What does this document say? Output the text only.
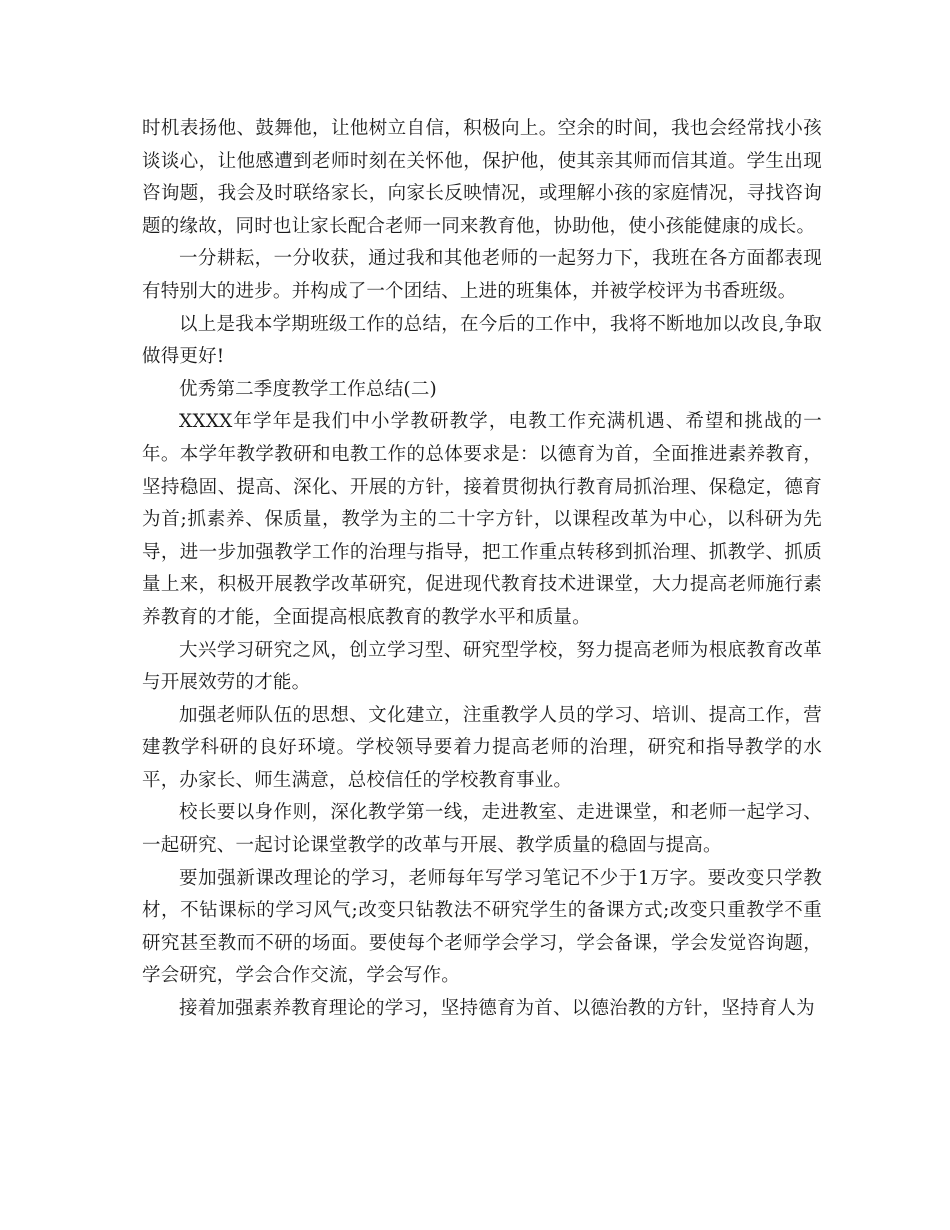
时机表扬他、鼓舞他，让他树立自信，积极向上。空余的时间，我也会经常找小孩谈谈心，让他感遭到老师时刻在关怀他，保护他，使其亲其师而信其道。学生出现咨询题，我会及时联络家长，向家长反映情况，或理解小孩的家庭情况，寻找咨询题的缘故，同时也让家长配合老师一同来教育他，协助他，使小孩能健康的成长。

一分耕耘，一分收获，通过我和其他老师的一起努力下，我班在各方面都表现有特别大的进步。并构成了一个团结、上进的班集体，并被学校评为书香班级。

以上是我本学期班级工作的总结，在今后的工作中，我将不断地加以改良,争取做得更好!

优秀第二季度教学工作总结(二)

XXXX年学年是我们中小学教研教学，电教工作充满机遇、希望和挑战的一年。本学年教学教研和电教工作的总体要求是：以德育为首，全面推进素养教育，坚持稳固、提高、深化、开展的方针，接着贯彻执行教育局抓治理、保稳定，德育为首;抓素养、保质量，教学为主的二十字方针，以课程改革为中心，以科研为先导，进一步加强教学工作的治理与指导，把工作重点转移到抓治理、抓教学、抓质量上来，积极开展教学改革研究，促进现代教育技术进课堂，大力提高老师施行素养教育的才能，全面提高根底教育的教学水平和质量。

大兴学习研究之风，创立学习型、研究型学校，努力提高老师为根底教育改革与开展效劳的才能。

加强老师队伍的思想、文化建立，注重教学人员的学习、培训、提高工作，营建教学科研的良好环境。学校领导要着力提高老师的治理，研究和指导教学的水平，办家长、师生满意，总校信任的学校教育事业。

校长要以身作则，深化教学第一线，走进教室、走进课堂，和老师一起学习、一起研究、一起讨论课堂教学的改革与开展、教学质量的稳固与提高。

要加强新课改理论的学习，老师每年写学习笔记不少于1万字。要改变只学教材，不钻课标的学习风气;改变只钻教法不研究学生的备课方式;改变只重教学不重研究甚至教而不研的场面。要使每个老师学会学习，学会备课，学会发觉咨询题，学会研究，学会合作交流，学会写作。

接着加强素养教育理论的学习，坚持德育为首、以德治教的方针，坚持育人为
